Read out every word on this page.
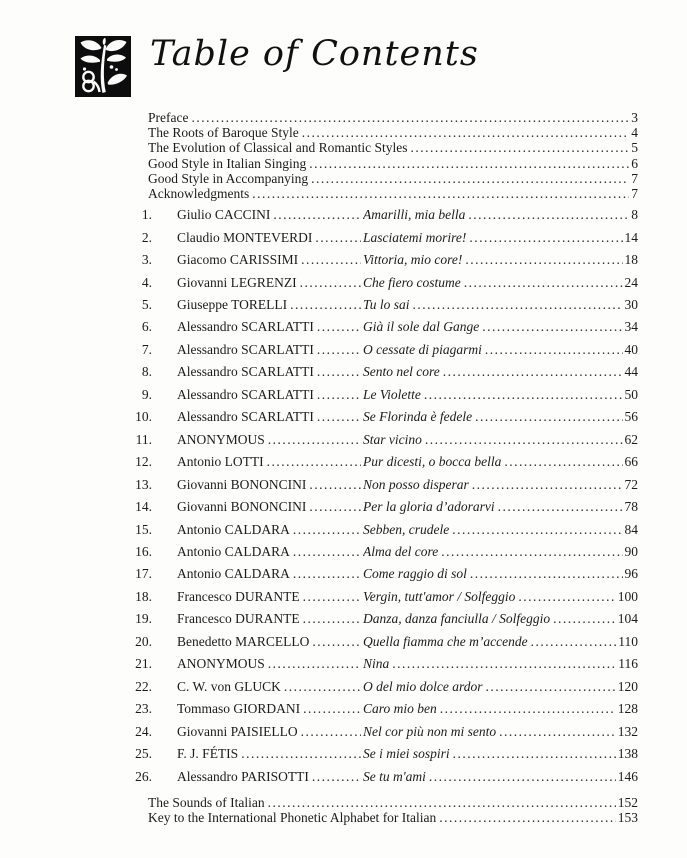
Table of Contents
Preface .....	3
The Roots of Baroque Style .....	4
The Evolution of Classical and Romantic Styles .....	5
Good Style in Italian Singing .....	6
Good Style in Accompanying .....	7
Acknowledgments .....	7
1. Giulio CACCINI .....	Amarilli, mia bella .....	8
2. Claudio MONTEVERDI .....	Lasciatemi morire! .....	14
3. Giacomo CARISSIMI .....	Vittoria, mio core! .....	18
4. Giovanni LEGRENZI .....	Che fiero costume .....	24
5. Giuseppe TORELLI .....	Tu lo sai .....	30
6. Alessandro SCARLATTI .....	Già il sole dal Gange .....	34
7. Alessandro SCARLATTI .....	O cessate di piagarmi .....	40
8. Alessandro SCARLATTI .....	Sento nel core .....	44
9. Alessandro SCARLATTI .....	Le Violette .....	50
10. Alessandro SCARLATTI .....	Se Florinda è fedele .....	56
11. ANONYMOUS .....	Star vicino .....	62
12. Antonio LOTTI .....	Pur dicesti, o bocca bella .....	66
13. Giovanni BONONCINI .....	Non posso disperar .....	72
14. Giovanni BONONCINI .....	Per la gloria d’adorarvi .....	78
15. Antonio CALDARA .....	Sebben, crudele .....	84
16. Antonio CALDARA .....	Alma del core .....	90
17. Antonio CALDARA .....	Come raggio di sol .....	96
18. Francesco DURANTE .....	Vergin, tutt'amor / Solfeggio .....	100
19. Francesco DURANTE .....	Danza, danza fanciulla / Solfeggio .....	104
20. Benedetto MARCELLO .....	Quella fiamma che m’accende .....	110
21. ANONYMOUS .....	Nina .....	116
22. C. W. von GLUCK .....	O del mio dolce ardor .....	120
23. Tommaso GIORDANI .....	Caro mio ben .....	128
24. Giovanni PAISIELLO .....	Nel cor più non mi sento .....	132
25. F. J. FÉTIS .....	Se i miei sospiri .....	138
26. Alessandro PARISOTTI .....	Se tu m'ami .....	146
The Sounds of Italian .....	152
Key to the International Phonetic Alphabet for Italian .....	153
